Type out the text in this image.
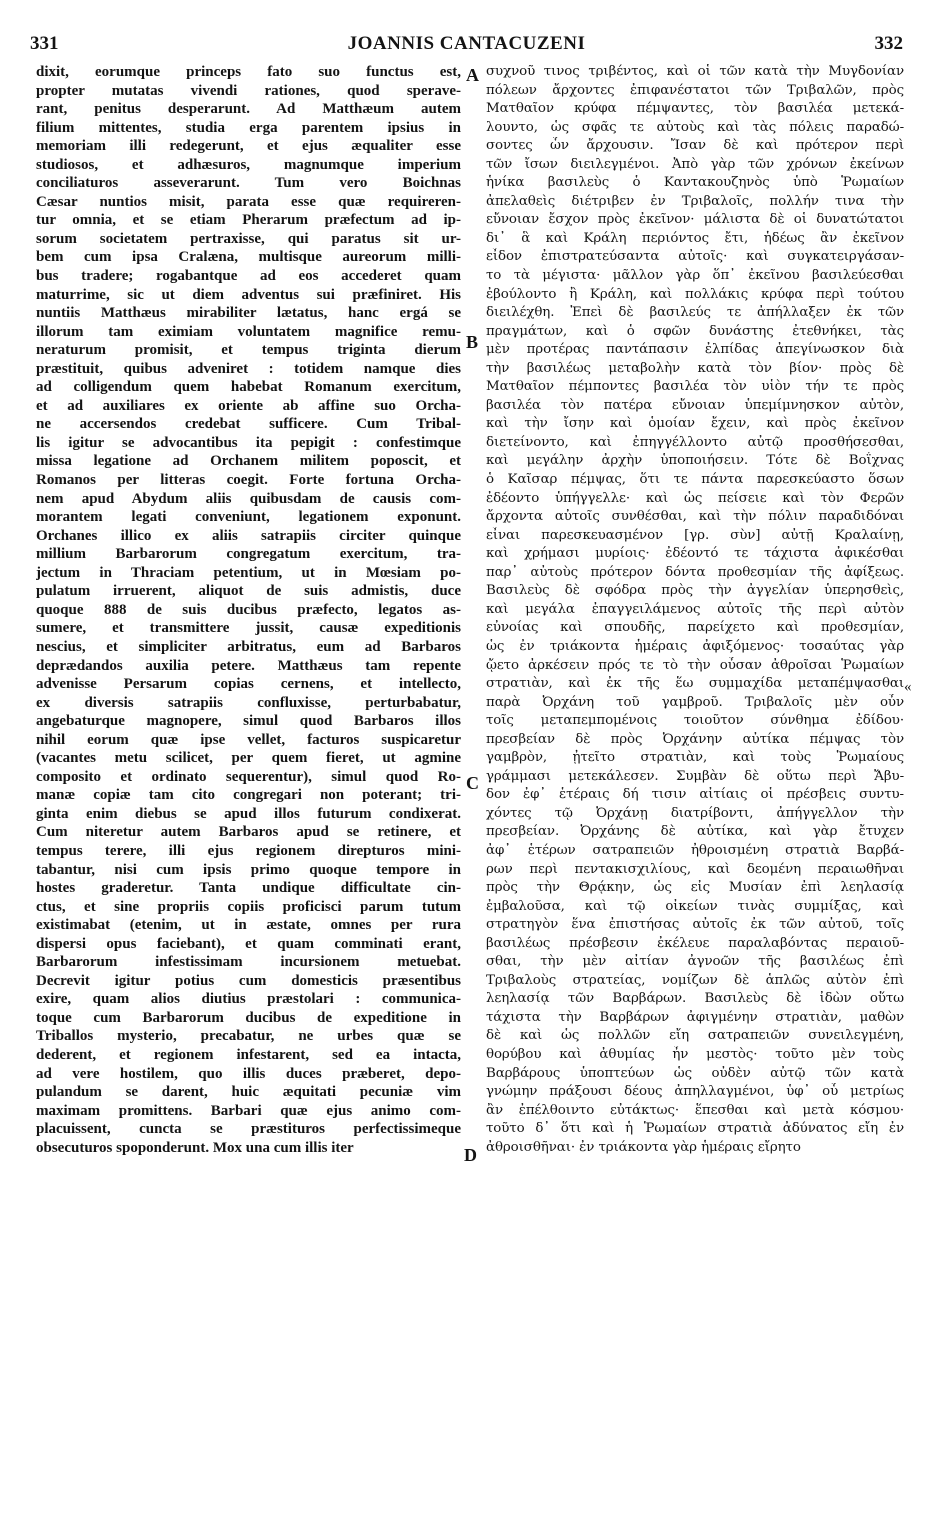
331	JOANNIS CANTACUZENI	332
dixit, eorumque princeps fato suo functus est,
propter mutatas vivendi rationes, quod sperave-
rant, penitus desperarunt. Ad Matthæum autem
filium mittentes, studia erga parentem ipsius in
memoriam illi redegerunt, et ejus æqualiter esse
studiosos, et adhæsuros, magnumque imperium
conciliaturos asseverarunt. Tum vero Boichnas
Cæsar nuntios misit, parata esse quæ requireren-
tur omnia, et se etiam Pherarum præfectum ad ip-
sorum societatem pertraxisse, qui paratus sit ur-
bem cum ipsa Cralæna, multisque aureorum milli-
bus tradere; rogabantque ad eos accederet quam
maturrime, sic ut diem adventus sui præfiniret. His
nuntiis Matthæus mirabiliter lætatus, hanc ergá se
illorum tam eximiam voluntatem magnifice remu-
neraturum promisit, et tempus triginta dierum
præstituit, quibus adveniret : totidem namque dies
ad colligendum quem habebat Romanum exercitum,
et ad auxiliares ex oriente ab affine suo Orcha-
ne accersendos credebat sufficere. Cum Tribal-
lis igitur se advocantibus ita pepigit : confestimque
missa legatione ad Orchanem militem poposcit, et
Romanos per litteras coegit. Forte fortuna Orcha-
nem apud Abydum aliis quibusdam de causis com-
morantem legati conveniunt, legationem exponunt.
Orchanes illico ex aliis satrapiis circiter quinque
millium Barbarorum congregatum exercitum, tra-
jectum in Thraciam petentium, ut in Mœsiam po-
pulatum irruerent, aliquot de suis admistis, duce
quoque 888 de suis ducibus præfecto, legatos as-
sumere, et transmittere jussit, causæ expeditionis
nescius, et simpliciter arbitratus, eum ad Barbaros
deprædandos auxilia petere. Matthæus tam repente
advenisse Persarum copias cernens, et intellecto,
ex diversis satrapiis confluxisse, perturbabatur,
angebaturque magnopere, simul quod Barbaros illos
nihil eorum quæ ipse vellet, facturos suspicaretur
(vacantes metu scilicet, per quem fieret, ut agmine
composito et ordinato sequerentur), simul quod Ro-
manæ copiæ tam cito congregari non poterant; tri-
ginta enim diebus se apud illos futurum condixerat.
Cum niteretur autem Barbaros apud se retinere, et
tempus terere, illi ejus regionem direpturos mini-
tabantur, nisi cum ipsis primo quoque tempore in
hostes graderetur. Tanta undique difficultate cin-
ctus, et sine propriis copiis proficisci parum tutum
existimabat (etenim, ut in æstate, omnes per rura
dispersi opus faciebant), et quam comminati erant,
Barbarorum infestissimam incursionem metuebat.
Decrevit igitur potius cum domesticis præsentibus
exire, quam alios diutius præstolari : communica-
toque cum Barbarorum ducibus de expeditione in
Triballos mysterio, precabatur, ne urbes quæ se
dederent, et regionem infestarent, sed ea intacta,
ad vere hostilem, quo illis duces præberet, depo-
pulandum se darent, huic æquitati pecuniæ vim
maximam promittens. Barbari quæ ejus animo com-
placuissent, cuncta se præstituros perfectissimeque
obsecuturos spoponderunt. Mox una cum illis iter
A
B
C
D
συχνοῦ τινος τριβέντος, καὶ οἱ τῶν κατὰ τὴν Μυγδονίαν
πόλεων ἄρχοντες ἐπιφανέστατοι τῶν Τριβαλῶν, πρὸς
Ματθαῖον κρύφα πέμψαντες, τὸν βασιλέα μετεκά-
λουντο, ὡς σφᾶς τε αὐτοὺς καὶ τὰς πόλεις παραδώ-
σοντες ὧν ἄρχουσιν. Ἴσαν δὲ καὶ πρότερον περὶ
τῶν ἴσων διειλεγμένοι. Ἀπὸ γὰρ τῶν χρόνων ἐκείνων
ἡνίκα βασιλεὺς ὁ Καντακουζηνὸς ὑπὸ Ῥωμαίων
ἀπελαθεὶς διέτριβεν ἐν Τριβαλοῖς, πολλήν τινα τὴν
εὔνοιαν ἔσχον πρὸς ἐκεῖνον· μάλιστα δὲ οἱ δυνατώτατοι
δι᾽ ἃ καὶ Κράλη περιόντος ἔτι, ἡδέως ἂν ἐκεῖνον
εἶδον ἐπιστρατεύσαντα αὐτοῖς· καὶ συγκατειργάσαν-
το τὰ μέγιστα· μᾶλλον γὰρ ὅπ᾽ ἐκεῖνου βασιλεύεσθαι
ἐβούλοντο ἢ Κράλη, καὶ πολλάκις κρύφα περὶ τούτου
διειλέχθη. Ἐπεὶ δὲ βασιλεύς τε ἀπήλλαξεν ἐκ τῶν
πραγμάτων, καὶ ὁ σφῶν δυνάστης ἐτεθνήκει, τὰς
μὲν προτέρας παντάπασιν ἐλπίδας ἀπεγίνωσκον διὰ
τὴν βασιλέως μεταβολὴν κατὰ τὸν βίον· πρὸς δὲ
Ματθαῖον πέμποντες βασιλέα τὸν υἱὸν τήν τε πρὸς
βασιλέα τὸν πατέρα εὔνοιαν ὑπεμίμνησκον αὐτὸν,
καὶ τὴν ἴσην καὶ ὁμοίαν ἔχειν, καὶ πρὸς ἐκεῖνον
διετείνοντο, καὶ ἐπηγγέλλοντο αὐτῷ προσθήσεσθαι,
καὶ μεγάλην ἀρχὴν ὑποποιήσειν. Τότε δὲ Βοΐχνας
ὁ Καῖσαρ πέμψας, ὅτι τε πάντα παρεσκεύαστο ὅσων
ἐδέοντο ὑπήγγελλε· καὶ ὡς πείσειε καὶ τὸν Φερῶν
ἄρχοντα αὐτοῖς συνθέσθαι, καὶ τὴν πόλιν παραδιδόναι
εἶναι παρεσκευασμένον [γρ. σὺν] αὐτῇ Κραλαίνῃ,
καὶ χρήμασι μυρίοις· ἐδέοντό τε τάχιστα ἀφικέσθαι
παρ᾽ αὐτοὺς πρότερον δόντα προθεσμίαν τῆς ἀφίξεως.
Βασιλεὺς δὲ σφόδρα πρὸς τὴν ἀγγελίαν ὑπερησθεὶς,
καὶ μεγάλα ἐπαγγειλάμενος αὐτοῖς τῆς περὶ αὐτὸν
εὐνοίας καὶ σπουδῆς, παρείχετο καὶ προθεσμίαν,
ὡς ἐν τριάκοντα ἡμέραις ἀφιξόμενος· τοσαύτας γὰρ
ᾤετο ἀρκέσειν πρός τε τὸ τὴν οὖσαν ἀθροῖσαι Ῥωμαίων
στρατιὰν, καὶ ἐκ τῆς ἕω συμμαχίδα μεταπέμψασθαι
παρὰ Ὀρχάνη τοῦ γαμβροῦ. Τριβαλοῖς μὲν οὖν
τοῖς μεταπεμπομένοις τοιοῦτον σύνθημα ἐδίδου·
πρεσβείαν δὲ πρὸς Ὀρχάνην αὐτίκα πέμψας τὸν
γαμβρὸν, ᾐτεῖτο στρατιὰν, καὶ τοὺς Ῥωμαίους
γράμμασι μετεκάλεσεν. Συμβὰν δὲ οὕτω περὶ Ἄβυ-
δον ἐφ᾽ ἑτέραις δή τισιν αἰτίαις οἱ πρέσβεις συντυ-
χόντες τῷ Ὀρχάνῃ διατρίβοντι, ἀπήγγελλον τὴν
πρεσβείαν. Ὀρχάνης δὲ αὐτίκα, καὶ γὰρ ἔτυχεν
ἀφ᾽ ἑτέρων σατραπειῶν ἠθροισμένη στρατιὰ Βαρβά-
ρων περὶ πεντακισχιλίους, καὶ δεομένη περαιωθῆναι
πρὸς τὴν Θρᾴκην, ὡς εἰς Μυσίαν ἐπὶ λεηλασίᾳ
ἐμβαλοῦσα, καὶ τῷ οἰκείων τινὰς συμμίξας, καὶ
στρατηγὸν ἕνα ἐπιστήσας αὐτοῖς ἐκ τῶν αὐτοῦ, τοῖς
βασιλέως πρέσβεσιν ἐκέλευε παραλαβόντας περαιοῦ-
σθαι, τὴν μὲν αἰτίαν ἀγνοῶν τῆς βασιλέως ἐπὶ
Τριβαλοὺς στρατείας, νομίζων δὲ ἁπλῶς αὐτὸν ἐπὶ
λεηλασίᾳ τῶν Βαρβάρων. Βασιλεὺς δὲ ἰδὼν οὕτω
τάχιστα τὴν Βαρβάρων ἀφιγμένην στρατιὰν, μαθὼν
δὲ καὶ ὡς πολλῶν εἴη σατραπειῶν συνειλεγμένη,
θορύβου καὶ ἀθυμίας ἦν μεστὸς· τοῦτο μὲν τοὺς
Βαρβάρους ὑποπτεύων ὡς οὐδὲν αὐτῷ τῶν κατὰ
γνώμην πράξουσι δέους ἀπηλλαγμένοι, ὑφ᾽ οὗ μετρίως
ἂν ἐπέλθοιντο εὐτάκτως· ἕπεσθαι καὶ μετὰ κόσμου·
τοῦτο δ᾽ ὅτι καὶ ἡ Ῥωμαίων στρατιὰ ἀδύνατος εἴη ἐν
ἀθροισθῆναι· ἐν τριάκοντα γὰρ ἡμέραις εἴρητο
«
